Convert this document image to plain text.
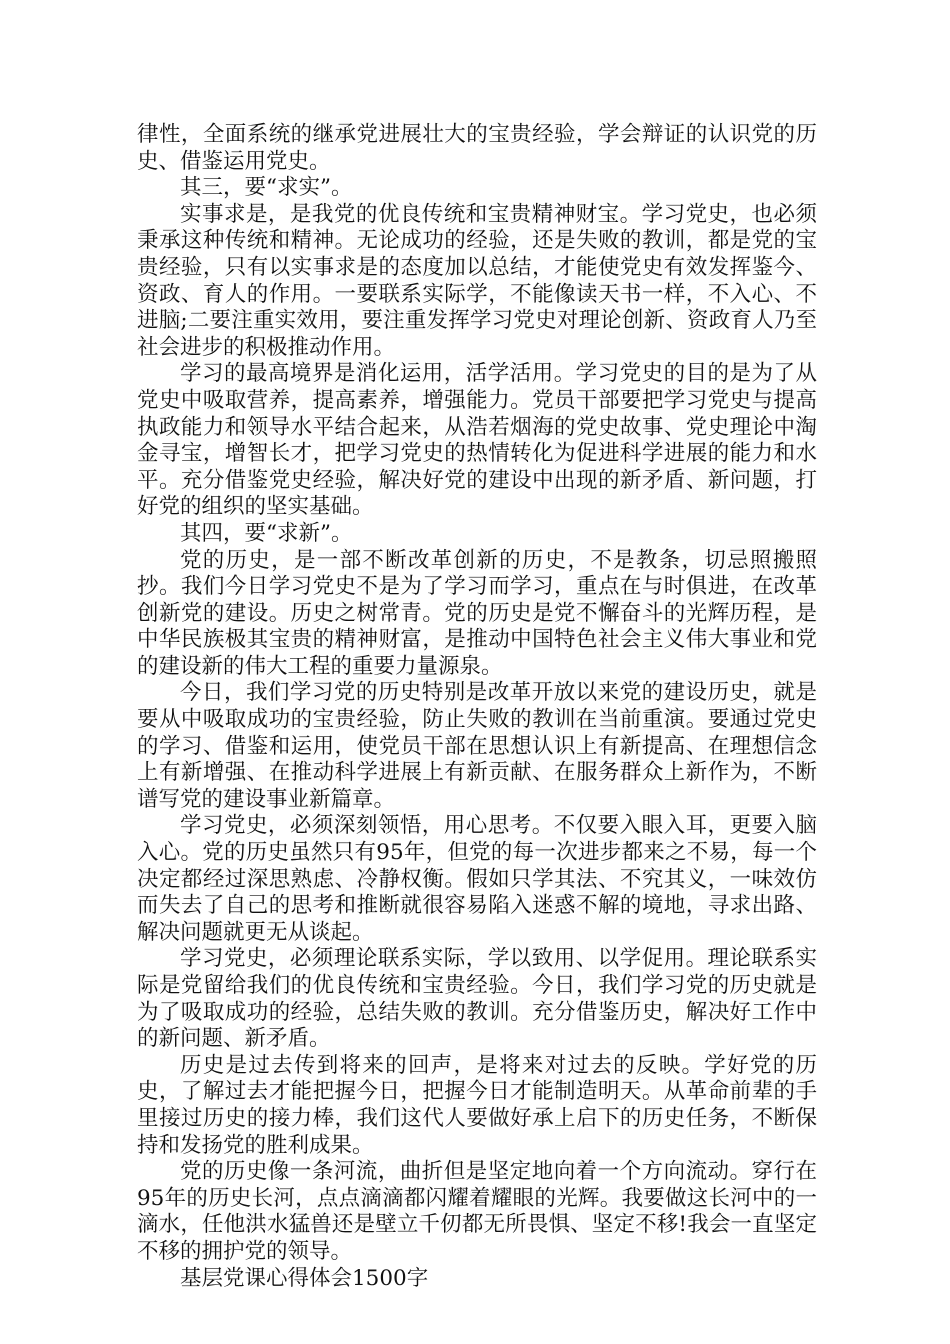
律性，全面系统的继承党进展壮大的宝贵经验，学会辩证的认识党的历史、借鉴运用党史。

其三，要“求实”。

实事求是，是我党的优良传统和宝贵精神财宝。学习党史，也必须秉承这种传统和精神。无论成功的经验，还是失败的教训，都是党的宝贵经验，只有以实事求是的态度加以总结，才能使党史有效发挥鉴今、资政、育人的作用。一要联系实际学，不能像读天书一样，不入心、不进脑;二要注重实效用，要注重发挥学习党史对理论创新、资政育人乃至社会进步的积极推动作用。

学习的最高境界是消化运用，活学活用。学习党史的目的是为了从党史中吸取营养，提高素养，增强能力。党员干部要把学习党史与提高执政能力和领导水平结合起来，从浩若烟海的党史故事、党史理论中淘金寻宝，增智长才，把学习党史的热情转化为促进科学进展的能力和水平。充分借鉴党史经验，解决好党的建设中出现的新矛盾、新问题，打好党的组织的坚实基础。

其四，要“求新”。

党的历史，是一部不断改革创新的历史，不是教条，切忌照搬照抄。我们今日学习党史不是为了学习而学习，重点在与时俱进，在改革创新党的建设。历史之树常青。党的历史是党不懈奋斗的光辉历程，是中华民族极其宝贵的精神财富，是推动中国特色社会主义伟大事业和党的建设新的伟大工程的重要力量源泉。

今日，我们学习党的历史特别是改革开放以来党的建设历史，就是要从中吸取成功的宝贵经验，防止失败的教训在当前重演。要通过党史的学习、借鉴和运用，使党员干部在思想认识上有新提高、在理想信念上有新增强、在推动科学进展上有新贡献、在服务群众上新作为，不断谱写党的建设事业新篇章。

学习党史，必须深刻领悟，用心思考。不仅要入眼入耳，更要入脑入心。党的历史虽然只有95年，但党的每一次进步都来之不易，每一个决定都经过深思熟虑、冷静权衡。假如只学其法、不究其义，一味效仿而失去了自己的思考和推断就很容易陷入迷惑不解的境地，寻求出路、解决问题就更无从谈起。

学习党史，必须理论联系实际，学以致用、以学促用。理论联系实际是党留给我们的优良传统和宝贵经验。今日，我们学习党的历史就是为了吸取成功的经验，总结失败的教训。充分借鉴历史，解决好工作中的新问题、新矛盾。

历史是过去传到将来的回声，是将来对过去的反映。学好党的历史，了解过去才能把握今日，把握今日才能制造明天。从革命前辈的手里接过历史的接力棒，我们这代人要做好承上启下的历史任务，不断保持和发扬党的胜利成果。

党的历史像一条河流，曲折但是坚定地向着一个方向流动。穿行在95年的历史长河，点点滴滴都闪耀着耀眼的光辉。我要做这长河中的一滴水，任他洪水猛兽还是壁立千仞都无所畏惧、坚定不移!我会一直坚定不移的拥护党的领导。

基层党课心得体会1500字
